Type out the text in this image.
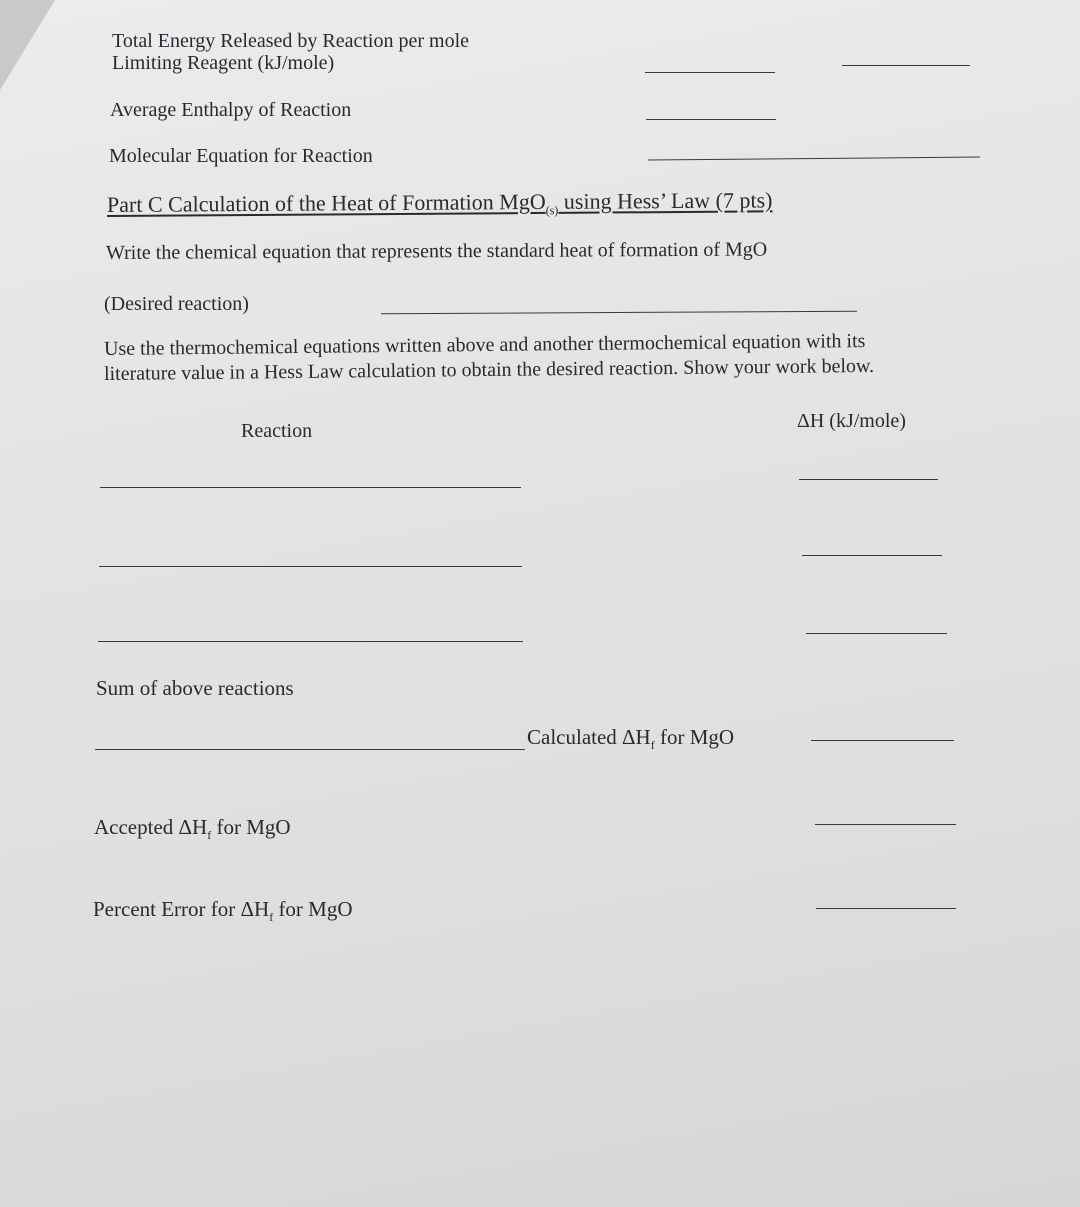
Total Energy Released by Reaction per mole
Limiting Reagent (kJ/mole)
Average Enthalpy of Reaction
Molecular Equation for Reaction
Part C Calculation of the Heat of Formation MgO$_{(s)}$ using Hess’ Law (7 pts)
Write the chemical equation that represents the standard heat of formation of MgO
(Desired reaction)
Use the thermochemical equations written above and another thermochemical equation with its
literature value in a Hess Law calculation to obtain the desired reaction. Show your work below.
Reaction	ΔH (kJ/mole)
Sum of above reactions
Calculated $\Delta H_f$ for MgO
Accepted $\Delta H_f$ for MgO
Percent Error for $\Delta H_f$ for MgO
